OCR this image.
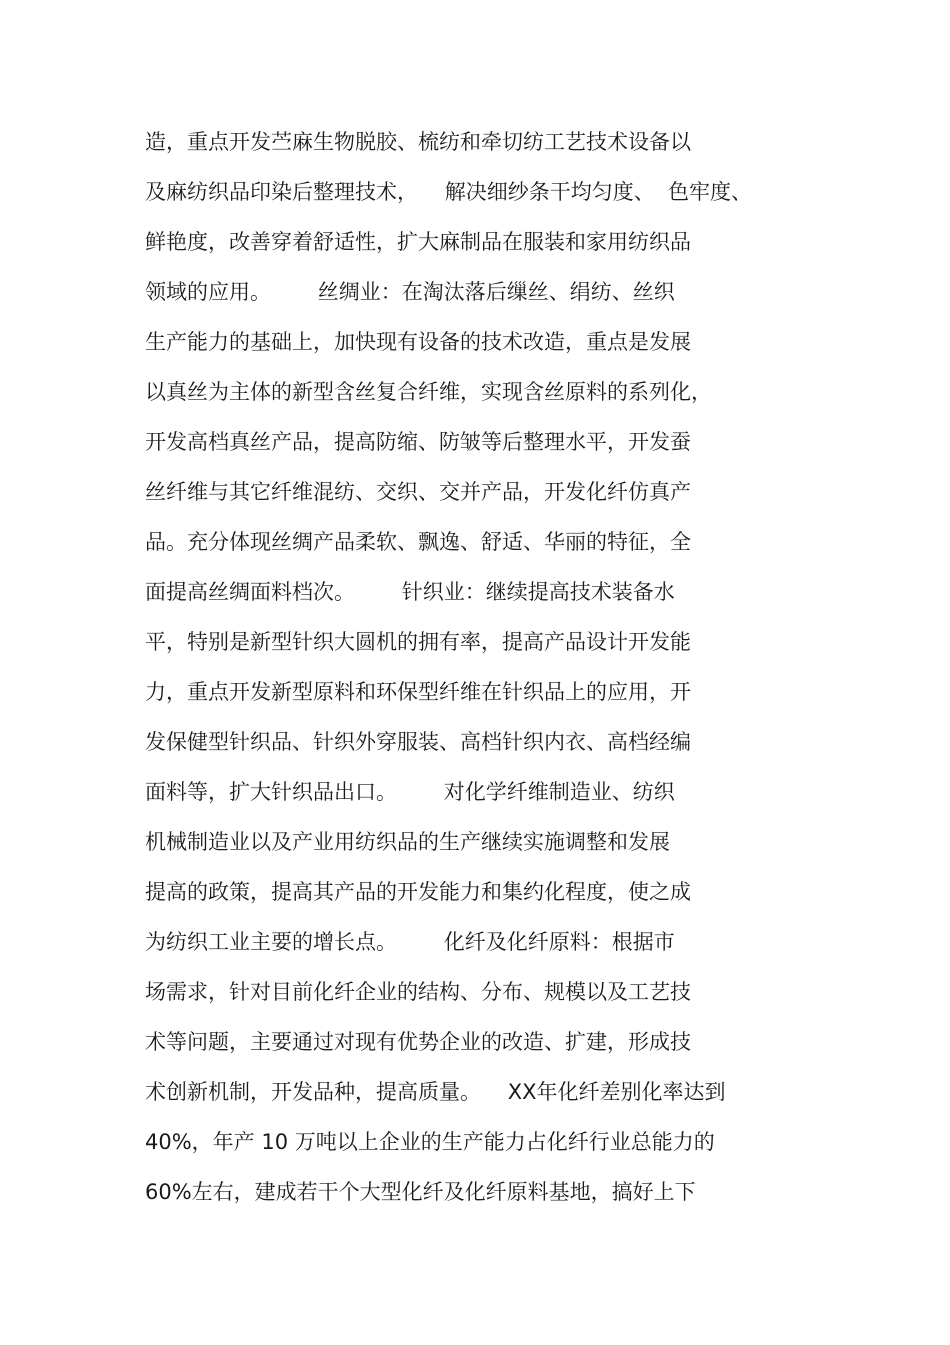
造，重点开发苎麻生物脱胶、梳纺和牵切纺工艺技术设备以
及麻纺织品印染后整理技术，    解决细纱条干均匀度、  色牢度、
鲜艳度，改善穿着舒适性，扩大麻制品在服装和家用纺织品
领域的应用。       丝绸业：在淘汰落后缫丝、绢纺、丝织
生产能力的基础上，加快现有设备的技术改造，重点是发展
以真丝为主体的新型含丝复合纤维，实现含丝原料的系列化，
开发高档真丝产品，提高防缩、防皱等后整理水平，开发蚕
丝纤维与其它纤维混纺、交织、交并产品，开发化纤仿真产
品。充分体现丝绸产品柔软、飘逸、舒适、华丽的特征，全
面提高丝绸面料档次。       针织业：继续提高技术装备水
平，特别是新型针织大圆机的拥有率，提高产品设计开发能
力，重点开发新型原料和环保型纤维在针织品上的应用，开
发保健型针织品、针织外穿服装、高档针织内衣、高档经编
面料等，扩大针织品出口。       对化学纤维制造业、纺织
机械制造业以及产业用纺织品的生产继续实施调整和发展
提高的政策，提高其产品的开发能力和集约化程度，使之成
为纺织工业主要的增长点。       化纤及化纤原料：根据市
场需求，针对目前化纤企业的结构、分布、规模以及工艺技
术等问题，主要通过对现有优势企业的改造、扩建，形成技
术创新机制，开发品种，提高质量。    XX年化纤差别化率达到
40%，年产 10 万吨以上企业的生产能力占化纤行业总能力的
60%左右，建成若干个大型化纤及化纤原料基地，搞好上下
